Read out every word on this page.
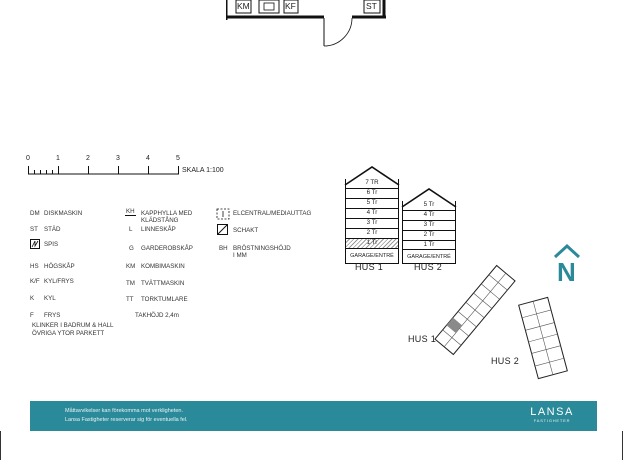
KM	KF	ST
0	1	2	3	4	5
SKALA 1:100
DM DISKMASKIN
ST STÄD
SPIS
HS HÖGSKÅP
K/F KYL/FRYS
K KYL
F FRYS
KH KAPPHYLLA MED KLÄDSTÅNG
L LINNESKÅP
G GARDEROBSKÅP
KM KOMBIMASKIN
TM TVÄTTMASKIN
TT TORKTUMLARE
TAKHÖJD 2,4m
ELCENTRAL/MEDIAUTTAG
SCHAKT
BH BRÖSTNINGSHÖJD I MM
KLINKER I BADRUM & HALL
ÖVRIGA YTOR PARKETT
7 TR
6 Tr
5 Tr
4 Tr
3 Tr
2 Tr
1 Tr
GARAGE/ENTRÉ
HUS 1
5 Tr
4 Tr
3 Tr
2 Tr
1 Tr
GARAGE/ENTRÉ
HUS 2	N
HUS 1
HUS 2
Måttavvikelser kan förekomma mot verkligheten.
Lansa Fastigheter reserverar sig för eventuella fel.
LANSA
FASTIGHETER
